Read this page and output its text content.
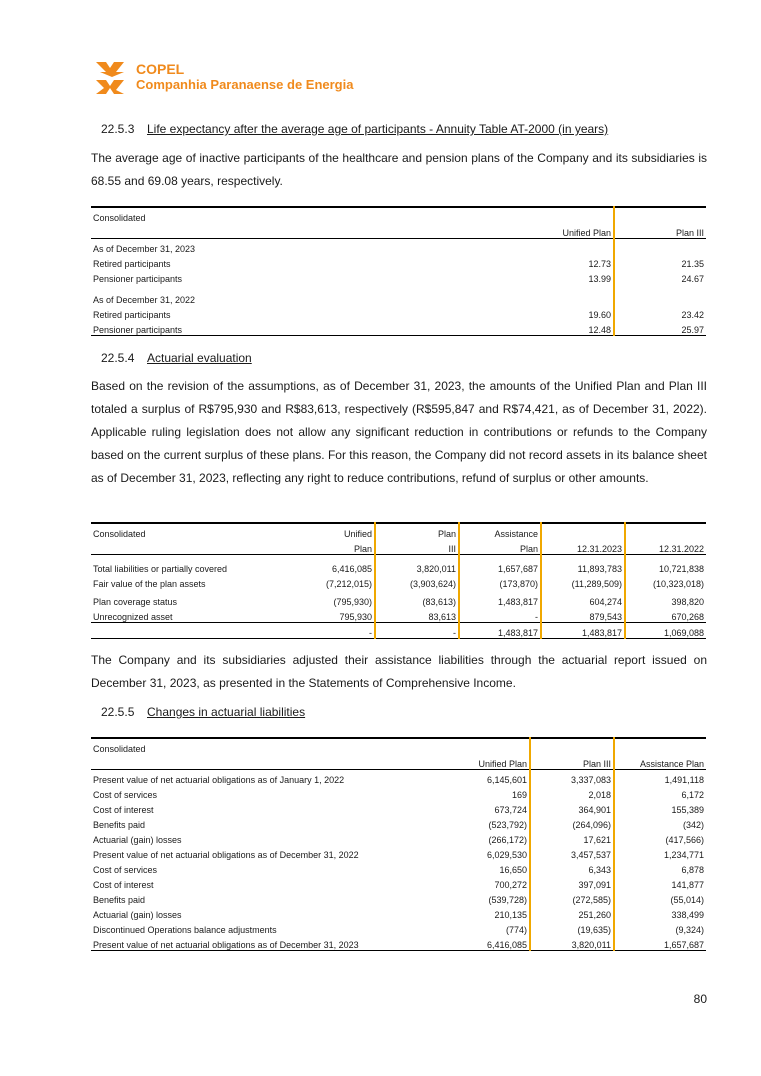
COPEL
Companhia Paranaense de Energia
22.5.3 Life expectancy after the average age of participants - Annuity Table AT-2000 (in years)
The average age of inactive participants of the healthcare and pension plans of the Company and its subsidiaries is 68.55 and 69.08 years, respectively.
Consolidated		
	Unified Plan	Plan III
As of December 31, 2023		
Retired participants	12.73	21.35
Pensioner participants	13.99	24.67

As of December 31, 2022		
Retired participants	19.60	23.42
Pensioner participants	12.48	25.97
22.5.4 Actuarial evaluation
Based on the revision of the assumptions, as of December 31, 2023, the amounts of the Unified Plan and Plan III totaled a surplus of R$795,930 and R$83,613, respectively (R$595,847 and R$74,421, as of December 31, 2022). Applicable ruling legislation does not allow any significant reduction in contributions or refunds to the Company based on the current surplus of these plans. For this reason, the Company did not record assets in its balance sheet as of December 31, 2023, reflecting any right to reduce contributions, refund of surplus or other amounts.
Consolidated	Unified	Plan	Assistance		
	Plan	III	Plan	12.31.2023	12.31.2022

Total liabilities or partially covered	6,416,085	3,820,011	1,657,687	11,893,783	10,721,838
Fair value of the plan assets	(7,212,015)	(3,903,624)	(173,870)	(11,289,509)	(10,323,018)
Plan coverage status	(795,930)	(83,613)	1,483,817	604,274	398,820
Unrecognized asset	795,930	83,613	-	879,543	670,268
	-	-	1,483,817	1,483,817	1,069,088
The Company and its subsidiaries adjusted their assistance liabilities through the actuarial report issued on December 31, 2023, as presented in the Statements of Comprehensive Income.
22.5.5 Changes in actuarial liabilities
Consolidated			
	Unified Plan	Plan III	Assistance Plan
Present value of net actuarial obligations as of January 1, 2022	6,145,601	3,337,083	1,491,118
Cost of services	169	2,018	6,172
Cost of interest	673,724	364,901	155,389
Benefits paid	(523,792)	(264,096)	(342)
Actuarial (gain) losses	(266,172)	17,621	(417,566)
Present value of net actuarial obligations as of December 31, 2022	6,029,530	3,457,537	1,234,771
Cost of services	16,650	6,343	6,878
Cost of interest	700,272	397,091	141,877
Benefits paid	(539,728)	(272,585)	(55,014)
Actuarial (gain) losses	210,135	251,260	338,499
Discontinued Operations balance adjustments	(774)	(19,635)	(9,324)
Present value of net actuarial obligations as of December 31, 2023	6,416,085	3,820,011	1,657,687
80
